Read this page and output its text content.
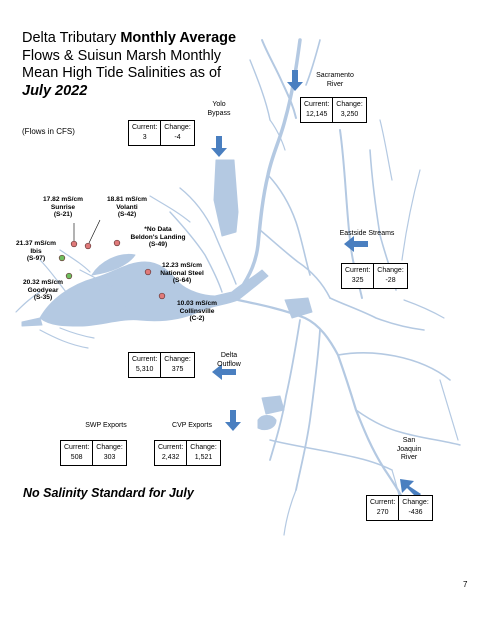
Delta Tributary Monthly Average
Flows & Suisun Marsh Monthly
Mean High Tide Salinities as of
July 2022
(Flows in CFS)
Sacramento River
Yolo Bypass
Eastside Streams
Delta Outflow
SWP Exports	CVP Exports
San Joaquin River
Current:
12,145
Change:
3,250
Current:
3
Change:
-4
Current:
325
Change:
-28
Current:
5,310
Change:
375
Current:
508
Change:
303
Current:
2,432
Change:
1,521
Current:
270
Change:
-436
17.82 mS/cm
Sunrise
(S-21)
18.81 mS/cm
Volanti
(S-42)
21.37 mS/cm
Ibis
(S-97)
*No Data
Beldon's Landing
(S-49)
20.32 mS/cm
Goodyear
(S-35)
12.23 mS/cm
National Steel
(S-64)
10.03 mS/cm
Collinsville
(C-2)
No Salinity Standard for July
7
